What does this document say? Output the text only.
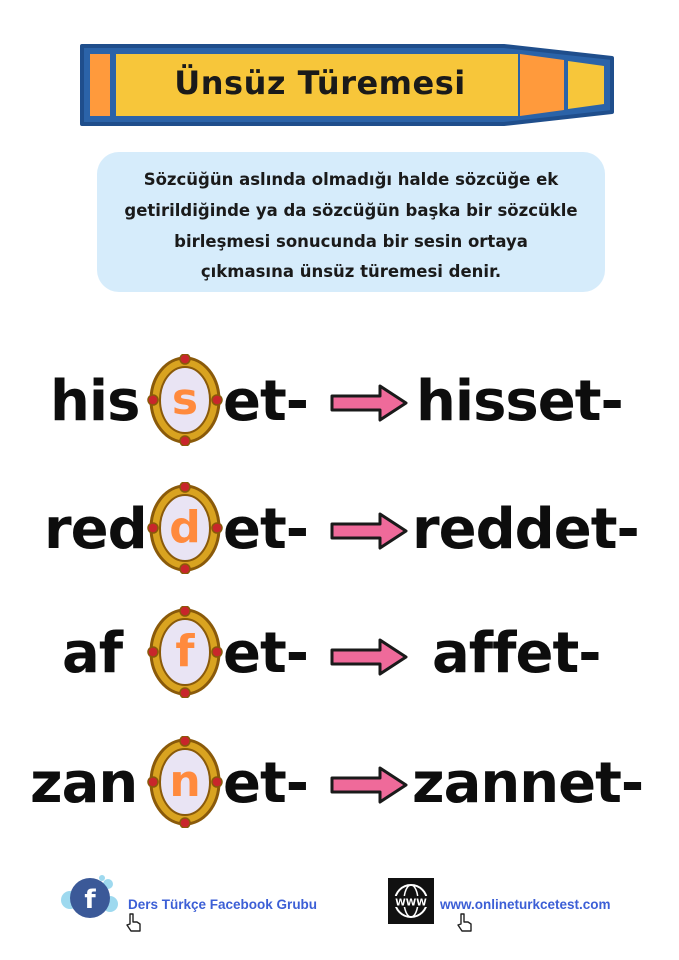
Ünsüz Türemesi
Sözcüğün aslında olmadığı halde sözcüğe ek
getirildiğinde ya da sözcüğün başka bir sözcükle
birleşmesi sonucunda bir sesin ortaya
çıkmasına ünsüz türemesi denir.
his s et- hisset-
red d et- reddet-
af	f et- affet-
zan n et- zannet-
f Ders Türkçe Facebook Grubu	WWW www.onlineturkcetest.com
